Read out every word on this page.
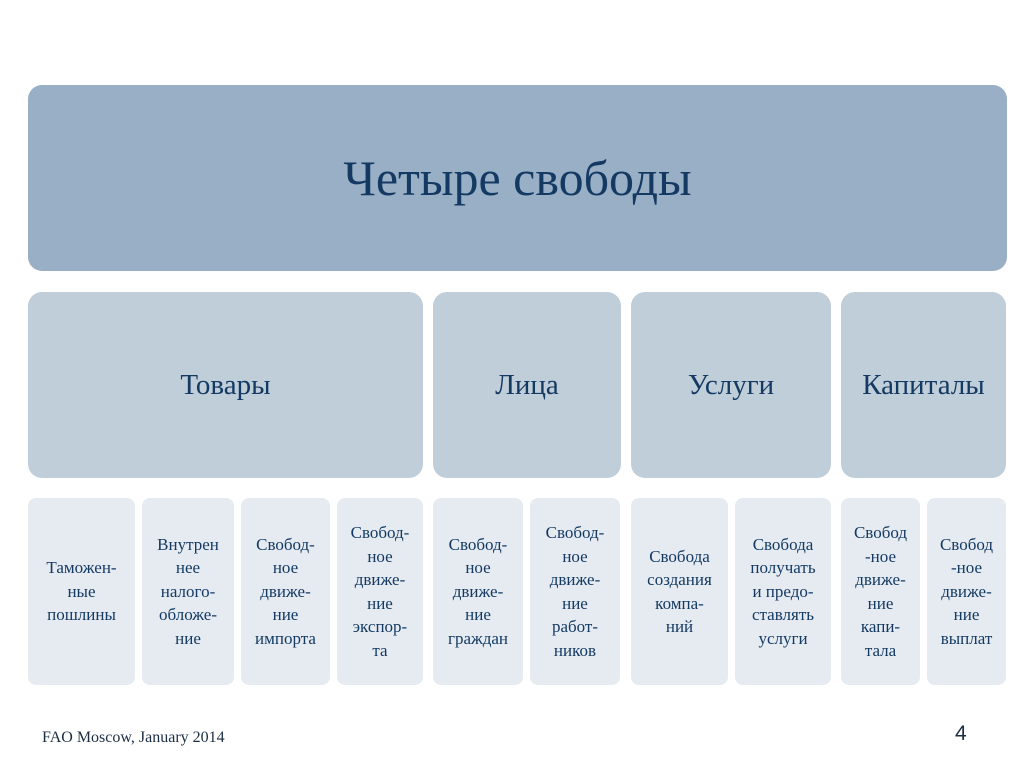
Четыре свободы
Товары	Лица	Услуги	Капиталы
Таможен-
ные
пошлины
Внутрен
нее
налого-
обложе-
ние
Свобод-
ное
движе-
ние
импорта
Свобод-
ное
движе-
ние
экспор-
та
Свобод-
ное
движе-
ние
граждан
Свобод-
ное
движе-
ние
работ-
ников
Свобода
создания
компа-
ний
Свобода
получать
и предо-
ставлять
услуги
Свобод
-ное
движе-
ние
капи-
тала
Свобод
-ное
движе-
ние
выплат
FAO Moscow, January 2014	4
